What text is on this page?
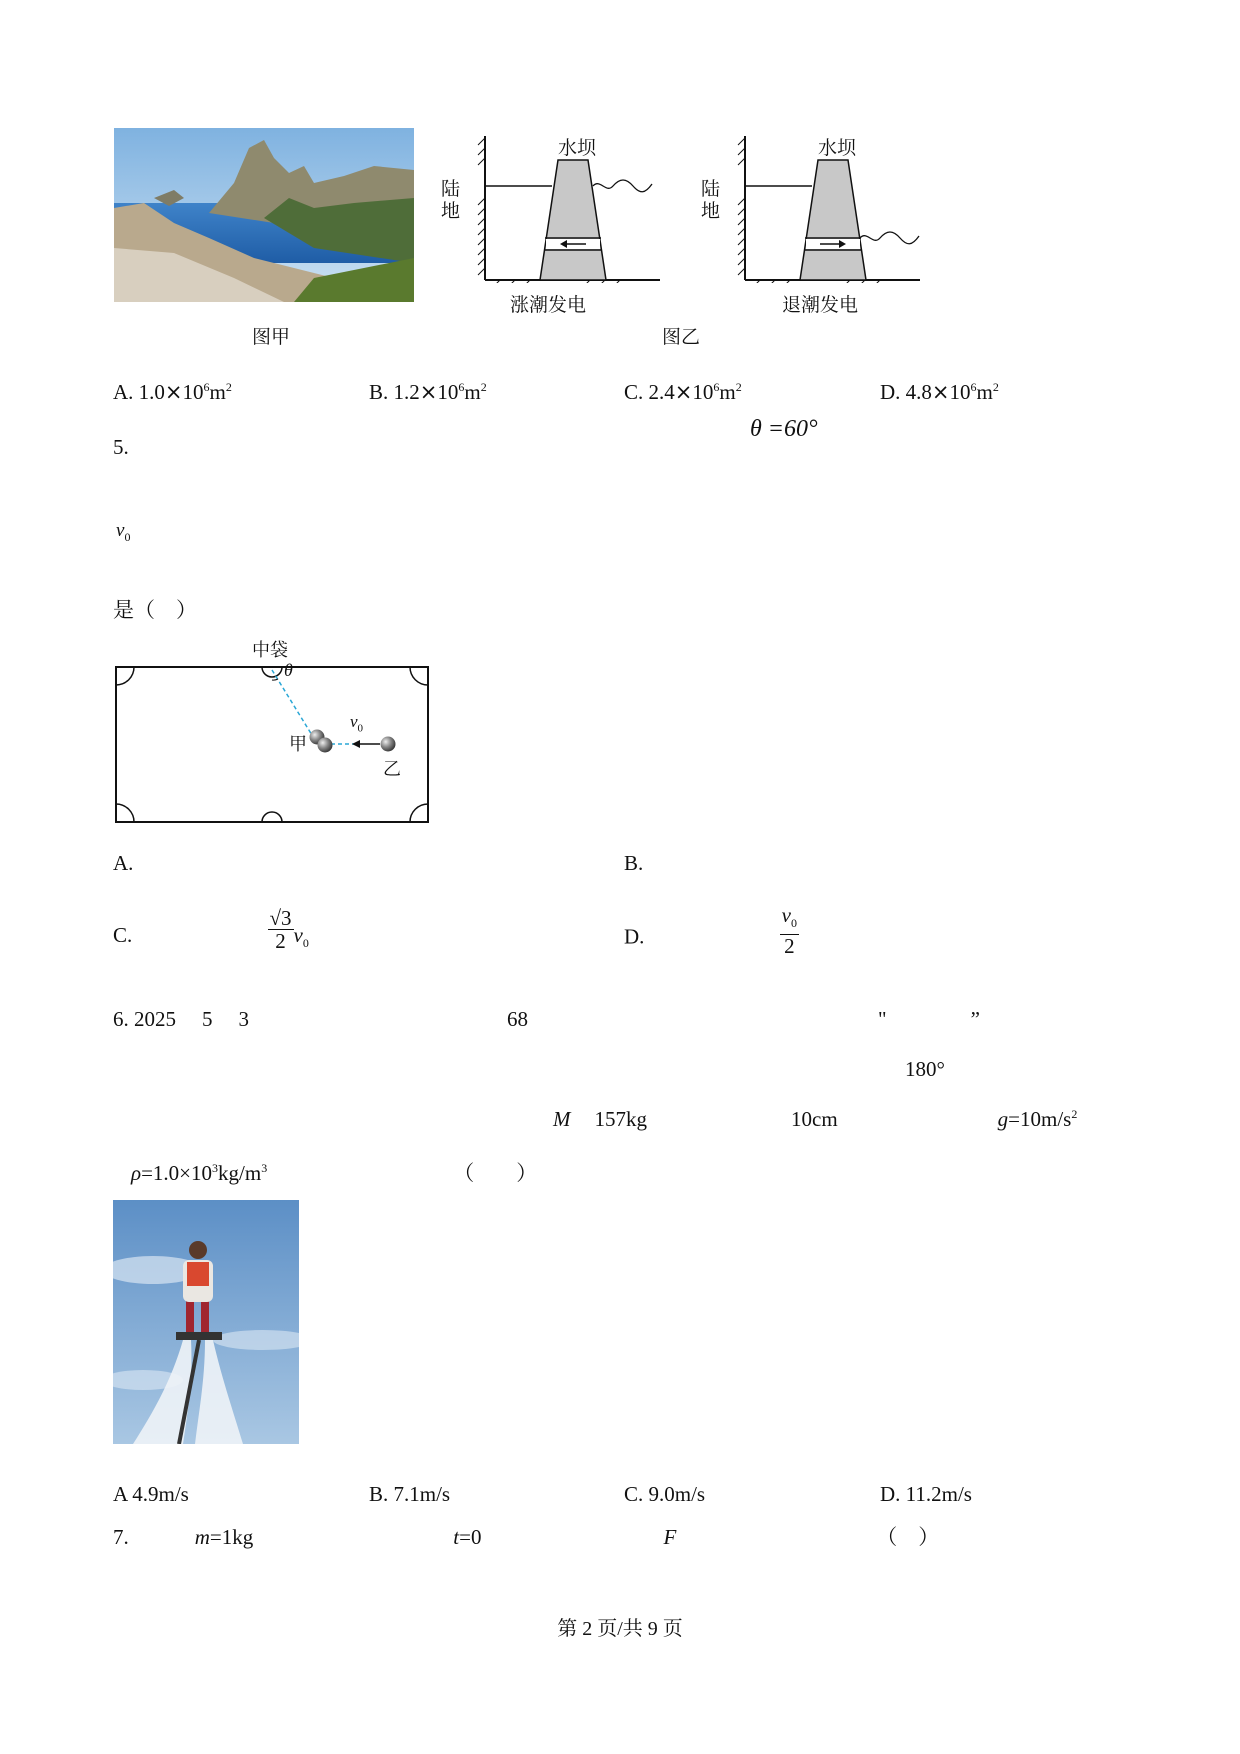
图甲
陆地
水坝
涨潮发电
陆地
水坝
退潮发电
图乙
A. $1.0\times 10^6m^2$	B. $1.2\times 10^6m^2$	C. $2.4\times 10^6m^2$	D. $4.8\times 10^6m^2$
5.
θ =60°
$v_0$
是（　）
中袋
θ
甲
乙
$v_0$
A.	B.
C.	$\frac{√3}{2} v_0$	D.	$\frac{v_0}{2}$
6. 2025 5 3	68	"	”
180°
M 157kg	10cm	$g=10m/s^2$
$\rho=1.0\times 10^3kg/m^3$	（　　）
A 4.9m/s	B. 7.1m/s	C. 9.0m/s	D. 11.2m/s
7.	m=1kg	t=0	F	（　）
第 2 页/共 9 页
